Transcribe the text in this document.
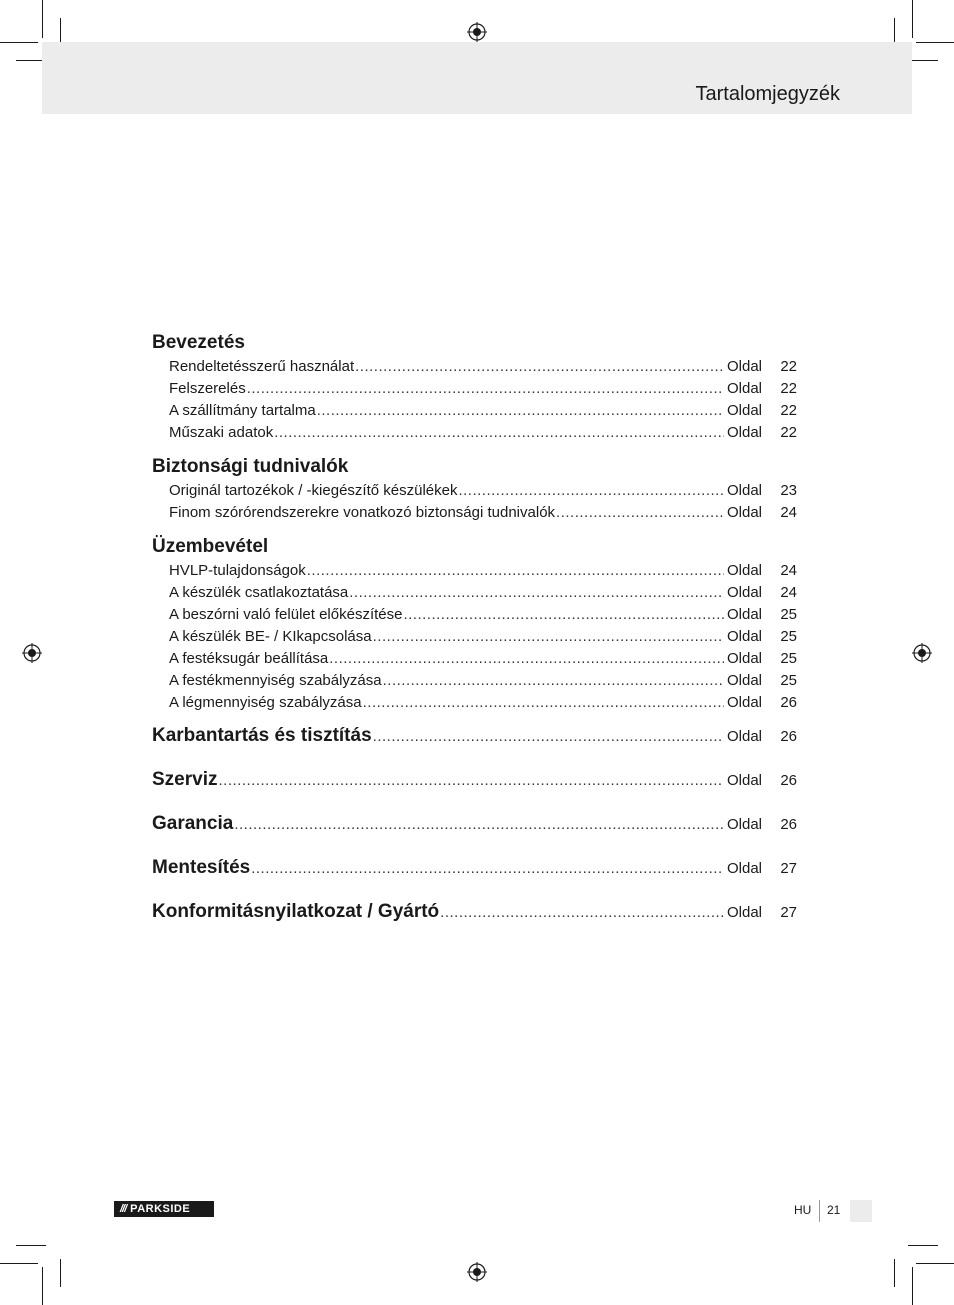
Tartalomjegyzék
Bevezetés
Rendeltetésszerű használat .....	Oldal	22
Felszerelés .....	Oldal	22
A szállítmány tartalma .....	Oldal	22
Műszaki adatok .....	Oldal	22
Biztonsági tudnivalók
Originál tartozékok / -kiegészítő készülékek .....	Oldal	23
Finom szórórendszerekre vonatkozó biztonsági tudnivalók .....	Oldal	24
Üzembevétel
HVLP-tulajdonságok .....	Oldal	24
A készülék csatlakoztatása .....	Oldal	24
A beszórni való felület előkészítése .....	Oldal	25
A készülék BE- / KIkapcsolása .....	Oldal	25
A festéksugár beállítása .....	Oldal	25
A festékmennyiség szabályzása .....	Oldal	25
A légmennyiség szabályzása .....	Oldal	26
Karbantartás és tisztítás .....	Oldal	26
Szerviz .....	Oldal	26
Garancia .....	Oldal	26
Mentesítés .....	Oldal	27
Konformitásnyilatkozat / Gyártó .....	Oldal	27
/// PARKSIDE	HU 21
